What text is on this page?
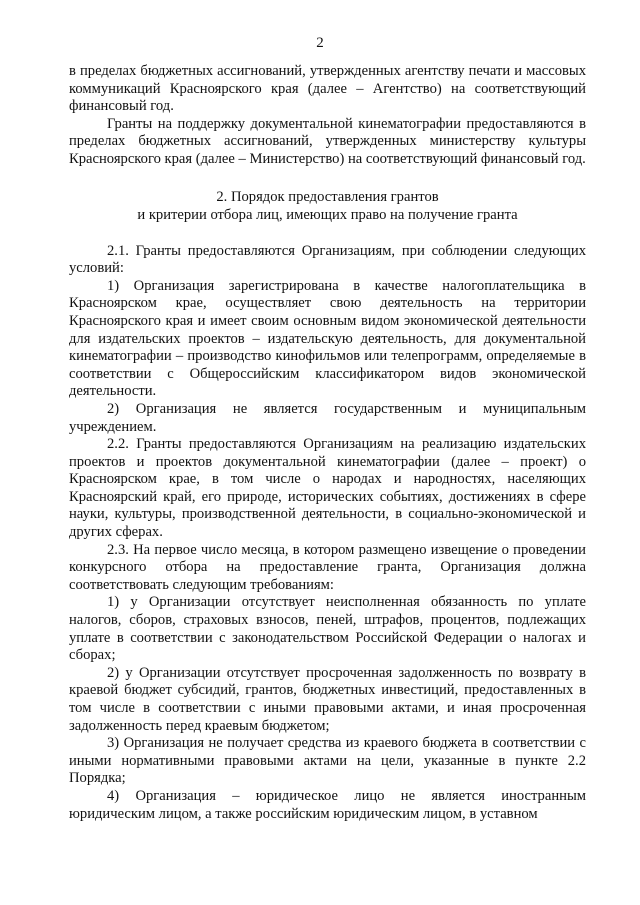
2

в пределах бюджетных ассигнований, утвержденных агентству печати и массовых коммуникаций Красноярского края (далее – Агентство) на соответствующий финансовый год.

Гранты на поддержку документальной кинематографии предоставляются в пределах бюджетных ассигнований, утвержденных министерству культуры Красноярского края (далее – Министерство) на соответствующий финансовый год.

2. Порядок предоставления грантов
и критерии отбора лиц, имеющих право на получение гранта

2.1. Гранты предоставляются Организациям, при соблюдении следующих условий:

1) Организация зарегистрирована в качестве налогоплательщика в Красноярском крае, осуществляет свою деятельность на территории Красноярского края и имеет своим основным видом экономической деятельности для издательских проектов – издательскую деятельность, для документальной кинематографии – производство кинофильмов или телепрограмм, определяемые в соответствии с Общероссийским классификатором видов экономической деятельности.

2) Организация не является государственным и муниципальным учреждением.

2.2. Гранты предоставляются Организациям на реализацию издательских проектов и проектов документальной кинематографии (далее – проект) о Красноярском крае, в том числе о народах и народностях, населяющих Красноярский край, его природе, исторических событиях, достижениях в сфере науки, культуры, производственной деятельности, в социально-экономической и других сферах.

2.3. На первое число месяца, в котором размещено извещение о проведении конкурсного отбора на предоставление гранта, Организация должна соответствовать следующим требованиям:

1) у Организации отсутствует неисполненная обязанность по уплате налогов, сборов, страховых взносов, пеней, штрафов, процентов, подлежащих уплате в соответствии с законодательством Российской Федерации о налогах и сборах;

2) у Организации отсутствует просроченная задолженность по возврату в краевой бюджет субсидий, грантов, бюджетных инвестиций, предоставленных в том числе в соответствии с иными правовыми актами, и иная просроченная задолженность перед краевым бюджетом;

3) Организация не получает средства из краевого бюджета в соответствии с иными нормативными правовыми актами на цели, указанные в пункте 2.2 Порядка;

4) Организация – юридическое лицо не является иностранным юридическим лицом, а также российским юридическим лицом, в уставном
